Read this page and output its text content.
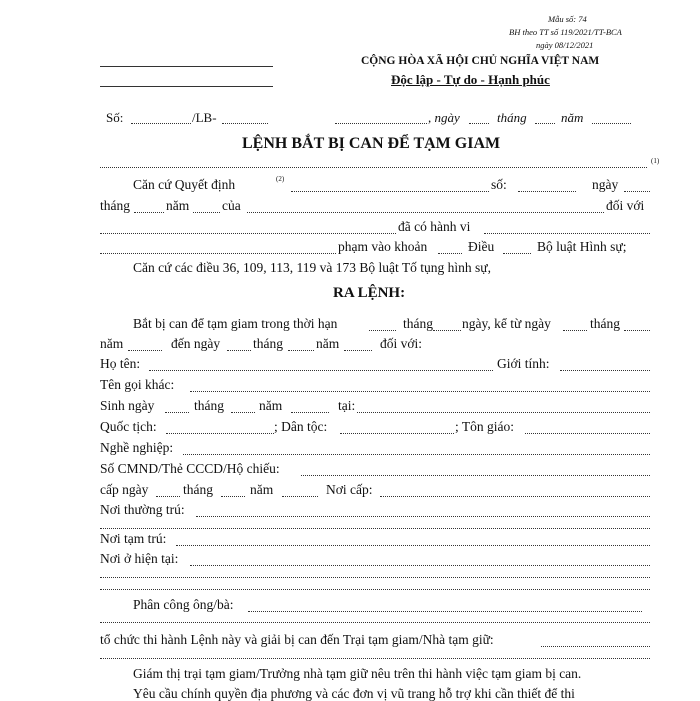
Mẫu số: 74
BH theo TT số 119/2021/TT-BCA
ngày 08/12/2021
CỘNG HÒA XÃ HỘI CHỦ NGHĨA VIỆT NAM
Độc lập - Tự do - Hạnh phúc
Số:	/LB-	, ngày	tháng	năm
LỆNH BẮT BỊ CAN ĐỂ TẠM GIAM
(1)
Căn cứ Quyết định	(2)	số:	ngày
tháng	năm của	đối với
đã có hành vi
phạm vào khoản	Điều	Bộ luật Hình sự;
Căn cứ các điều 36, 109, 113, 119 và 173 Bộ luật Tố tụng hình sự,
RA LỆNH:
Bắt bị can để tạm giam trong thời hạn	tháng ngày, kể từ ngày	tháng
năm	đến ngày tháng năm	đối với:
Họ tên:	Giới tính:
Tên gọi khác:
Sinh ngày	tháng	năm	tại:
Quốc tịch:	; Dân tộc:	; Tôn giáo:
Nghề nghiệp:
Số CMND/Thẻ CCCD/Hộ chiếu:
cấp ngày	tháng	năm	Nơi cấp:
Nơi thường trú:
Nơi tạm trú:
Nơi ở hiện tại:
Phân công ông/bà:
tổ chức thi hành Lệnh này và giải bị can đến Trại tạm giam/Nhà tạm giữ:
Giám thị trại tạm giam/Trưởng nhà tạm giữ nêu trên thi hành việc tạm giam bị can.
Yêu cầu chính quyền địa phương và các đơn vị vũ trang hỗ trợ khi cần thiết để thi
